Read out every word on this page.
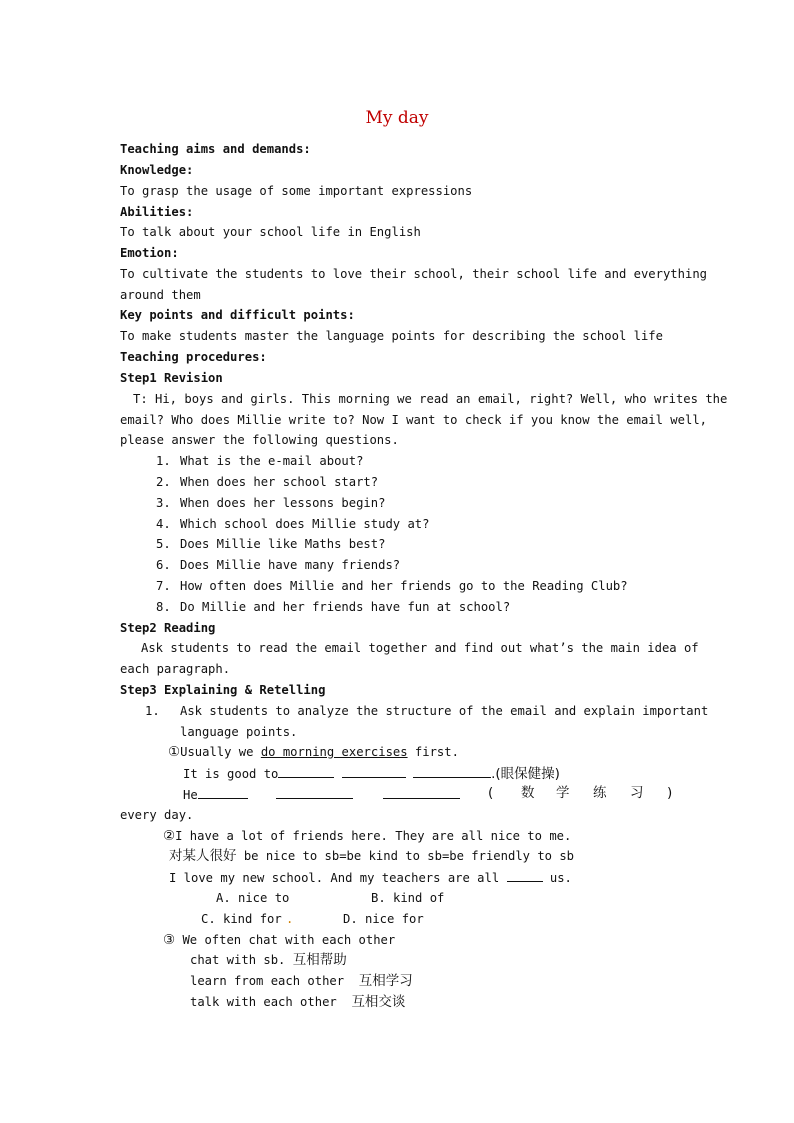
My day
Teaching aims and demands:
Knowledge:
To grasp the usage of some important expressions
Abilities:
To talk about your school life in English
Emotion:
To cultivate the students to love their school, their school life and everything
around them
Key points and difficult points:
To make students master the language points for describing the school life
Teaching procedures:
Step1 Revision
T: Hi, boys and girls. This morning we read an email, right? Well, who writes the
email? Who does Millie write to? Now I want to check if you know the email well,
please answer the following questions.
1. What is the e-mail about?
2. When does her school start?
3. When does her lessons begin?
4. Which school does Millie study at?
5. Does Millie like Maths best?
6. Does Millie have many friends?
7. How often does Millie and her friends go to the Reading Club?
8. Do Millie and her friends have fun at school?
Step2 Reading
Ask students to read the email together and find out what’s the main idea of
each paragraph.
Step3 Explaining & Retelling
1. Ask students to analyze the structure of the email and explain important
language points.
①Usually we do morning exercises first.
It is good to	.(眼保健操)
He	( 数 学 练 习 )
every day.
②I have a lot of friends here. They are all nice to me.
对某人很好 be nice to sb=be kind to sb=be friendly to sb
I love my new school. And my teachers are all	us.
A. nice to	B. kind of
C. kind for .	D. nice for
③ We often chat with each other
chat with sb. 互相帮助
learn from each other  互相学习
talk with each other  互相交谈
